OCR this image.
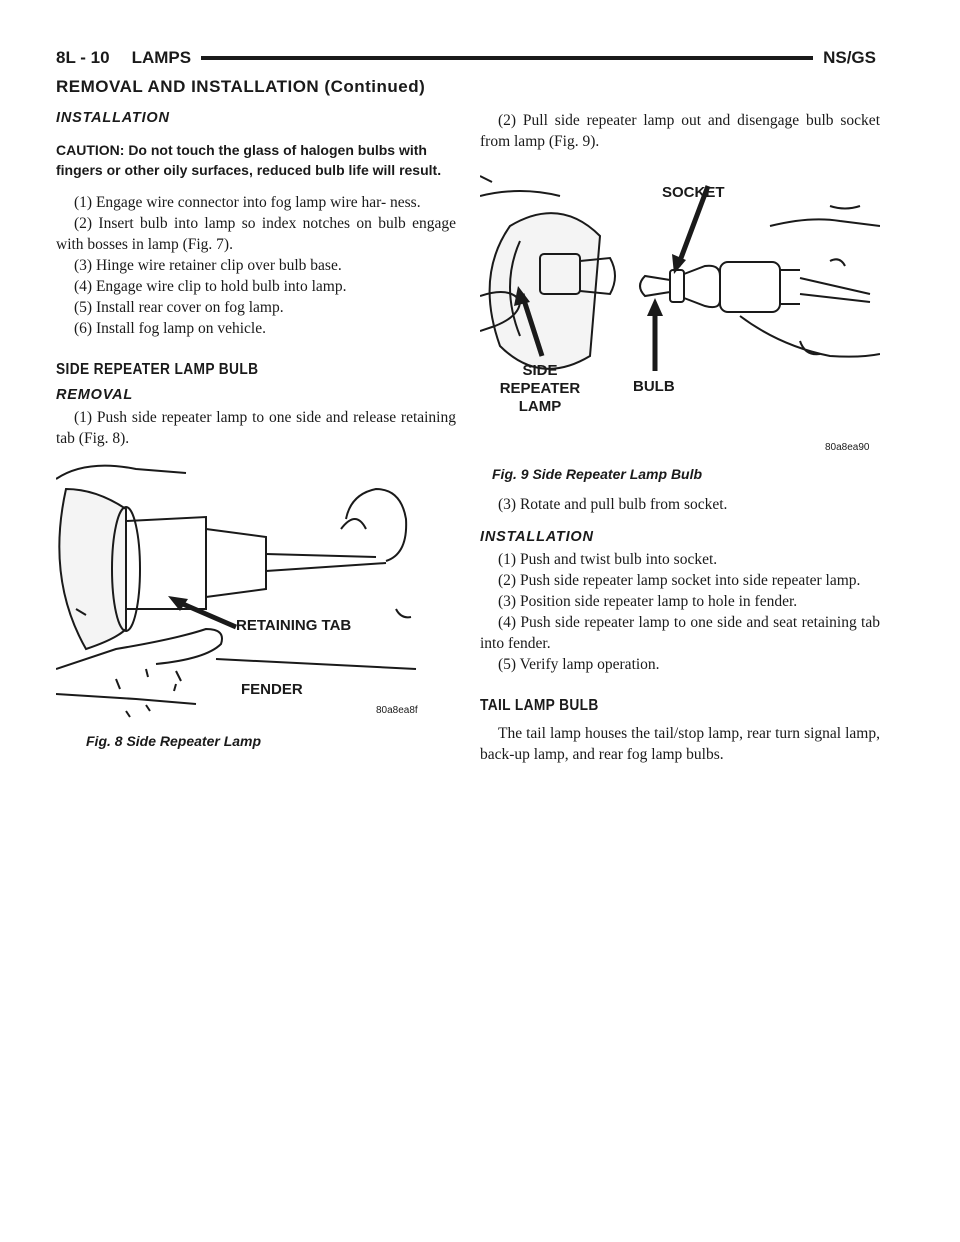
8L - 10 LAMPS	NS/GS
REMOVAL AND INSTALLATION (Continued)
INSTALLATION
CAUTION: Do not touch the glass of halogen bulbs with fingers or other oily surfaces, reduced bulb life will result.

(1) Engage wire connector into fog lamp wire har- ness.

(2) Insert bulb into lamp so index notches on bulb engage with bosses in lamp (Fig. 7).

(3) Hinge wire retainer clip over bulb base.

(4) Engage wire clip to hold bulb into lamp.

(5) Install rear cover on fog lamp.

(6) Install fog lamp on vehicle.

SIDE REPEATER LAMP BULB
REMOVAL

(1) Push side repeater lamp to one side and release retaining tab (Fig. 8).

RETAINING TAB
FENDER
80a8ea8f
Fig. 8 Side Repeater Lamp

(2) Pull side repeater lamp out and disengage bulb socket from lamp (Fig. 9).

SOCKET
SIDE
REPEATER
LAMP
BULB
80a8ea90
Fig. 9 Side Repeater Lamp Bulb

(3) Rotate and pull bulb from socket.

INSTALLATION

(1) Push and twist bulb into socket.

(2) Push side repeater lamp socket into side repeater lamp.

(3) Position side repeater lamp to hole in fender.

(4) Push side repeater lamp to one side and seat retaining tab into fender.

(5) Verify lamp operation.

TAIL LAMP BULB

The tail lamp houses the tail/stop lamp, rear turn signal lamp, back-up lamp, and rear fog lamp bulbs.
